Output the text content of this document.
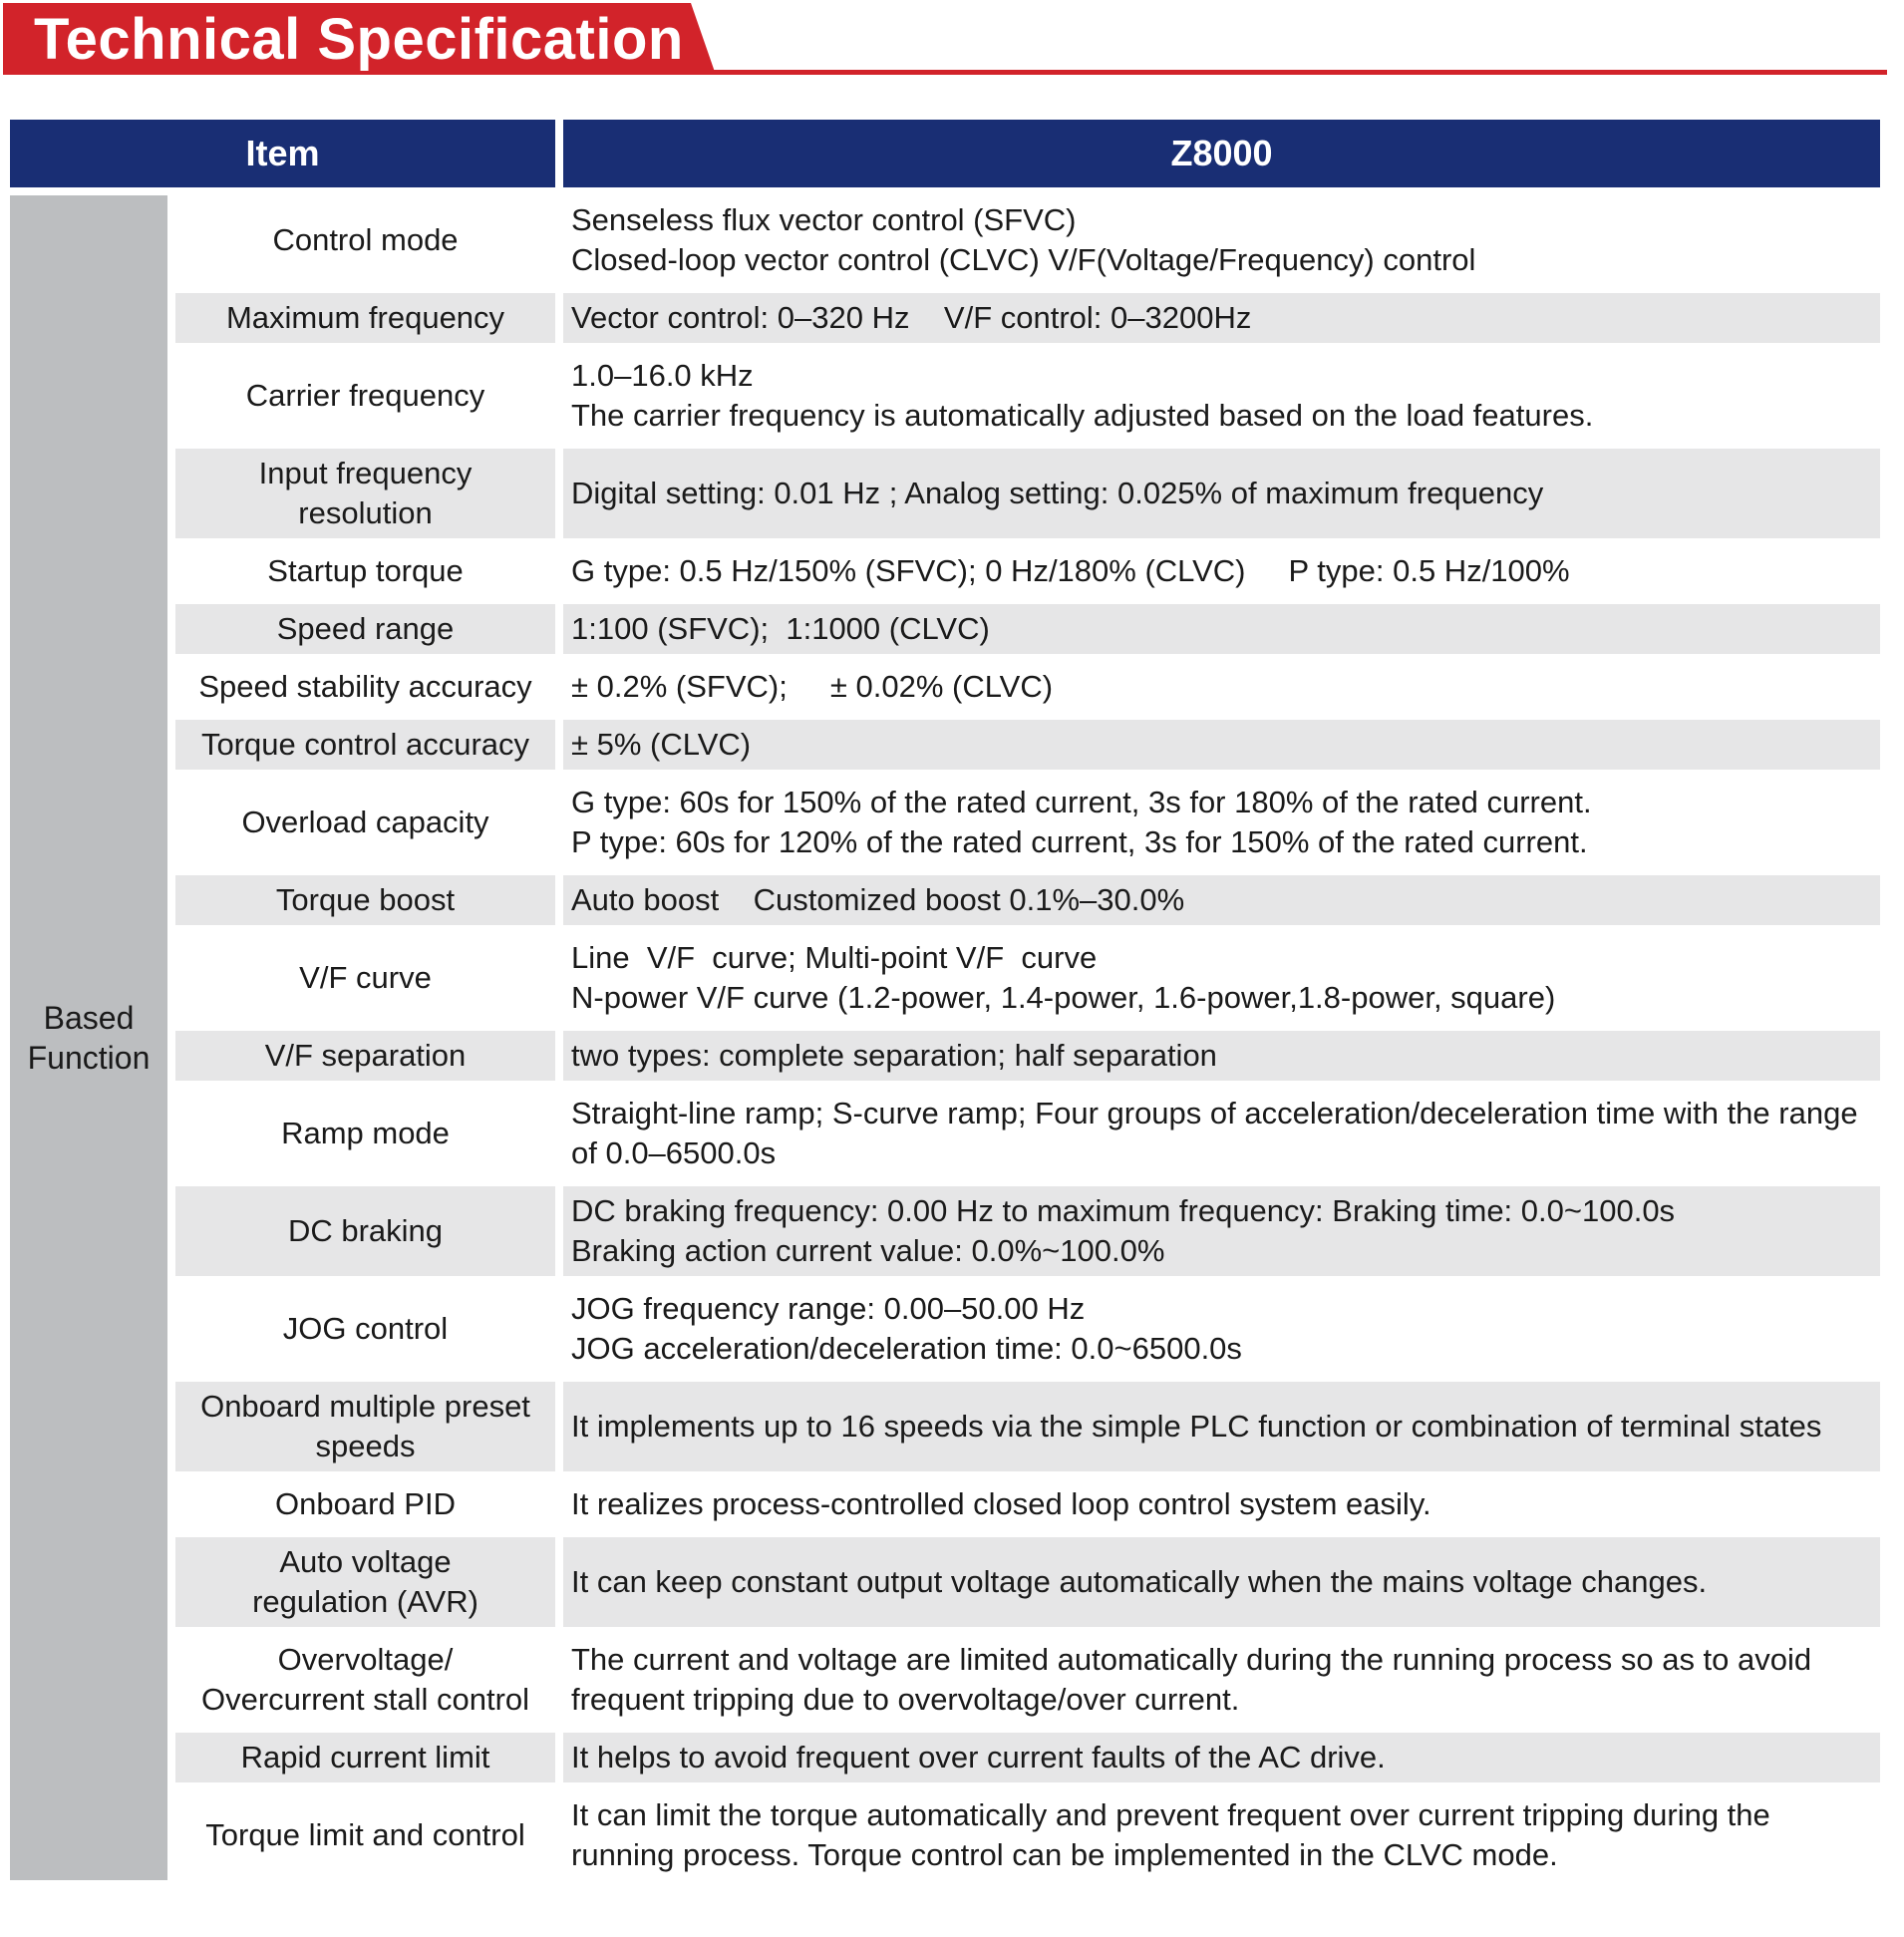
Technical Specification
Item		Z8000

Based
Function	Control mode	Senseless flux vector control (SFVC)
Closed-loop vector control (CLVC) V/F(Voltage/Frequency) control

	Maximum frequency	Vector control: 0–320 Hz    V/F control: 0–3200Hz

	Carrier frequency	1.0–16.0 kHz
The carrier frequency is automatically adjusted based on the load features.

	Input frequency
resolution	Digital setting: 0.01 Hz ; Analog setting: 0.025% of maximum frequency

	Startup torque	G type: 0.5 Hz/150% (SFVC); 0 Hz/180% (CLVC)     P type: 0.5 Hz/100%

	Speed range	1:100 (SFVC);  1:1000 (CLVC)

	Speed stability accuracy	± 0.2% (SFVC);     ± 0.02% (CLVC)

	Torque control accuracy	± 5% (CLVC)

	Overload capacity	G type: 60s for 150% of the rated current, 3s for 180% of the rated current.
P type: 60s for 120% of the rated current, 3s for 150% of the rated current.

	Torque boost	Auto boost    Customized boost 0.1%–30.0%

	V/F curve	Line  V/F  curve; Multi-point V/F  curve
N-power V/F curve (1.2-power, 1.4-power, 1.6-power,1.8-power, square)

	V/F separation	two types: complete separation; half separation

	Ramp mode	Straight-line ramp; S-curve ramp; Four groups of acceleration/deceleration time with the range of 0.0–6500.0s

	DC braking	DC braking frequency: 0.00 Hz to maximum frequency: Braking time: 0.0~100.0s
Braking action current value: 0.0%~100.0%

	JOG control	JOG frequency range: 0.00–50.00 Hz
JOG acceleration/deceleration time: 0.0~6500.0s

	Onboard multiple preset
speeds	It implements up to 16 speeds via the simple PLC function or combination of terminal states

	Onboard PID	It realizes process-controlled closed loop control system easily.

	Auto voltage
regulation (AVR)	It can keep constant output voltage automatically when the mains voltage changes.

	Overvoltage/
Overcurrent stall control	The current and voltage are limited automatically during the running process so as to avoid frequent tripping due to overvoltage/over current.

	Rapid current limit	It helps to avoid frequent over current faults of the AC drive.

	Torque limit and control	It can limit the torque automatically and prevent frequent over current tripping during the running process. Torque control can be implemented in the CLVC mode.
